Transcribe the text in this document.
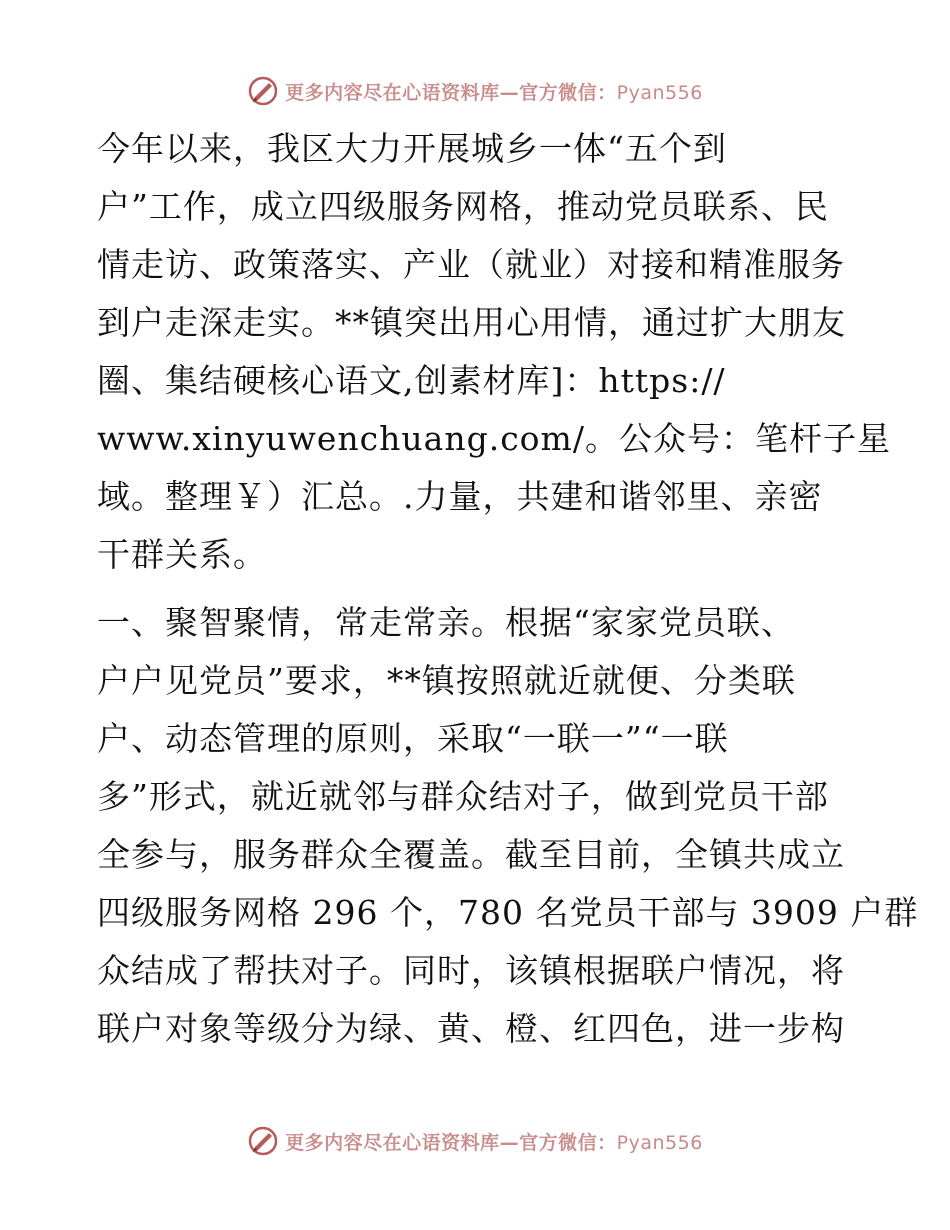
更多内容尽在心语资料库—官方微信：Pyan556

今年以来，我区大力开展城乡一体“五个到
户”工作，成立四级服务网格，推动党员联系、民
情走访、政策落实、产业（就业）对接和精准服务
到户走深走实。**镇突出用心用情，通过扩大朋友
圈、集结硬核心语文,创素材库]：https://
www.xinyuwenchuang.com/。公众号：笔杆子星
域。整理￥）汇总。.力量，共建和谐邻里、亲密
干群关系。

一、聚智聚情，常走常亲。根据“家家党员联、
户户见党员”要求，**镇按照就近就便、分类联
户、动态管理的原则，采取“一联一”“一联
多”形式，就近就邻与群众结对子，做到党员干部
全参与，服务群众全覆盖。截至目前，全镇共成立
四级服务网格 296 个，780 名党员干部与 3909 户群
众结成了帮扶对子。同时，该镇根据联户情况，将
联户对象等级分为绿、黄、橙、红四色，进一步构

更多内容尽在心语资料库—官方微信：Pyan556
